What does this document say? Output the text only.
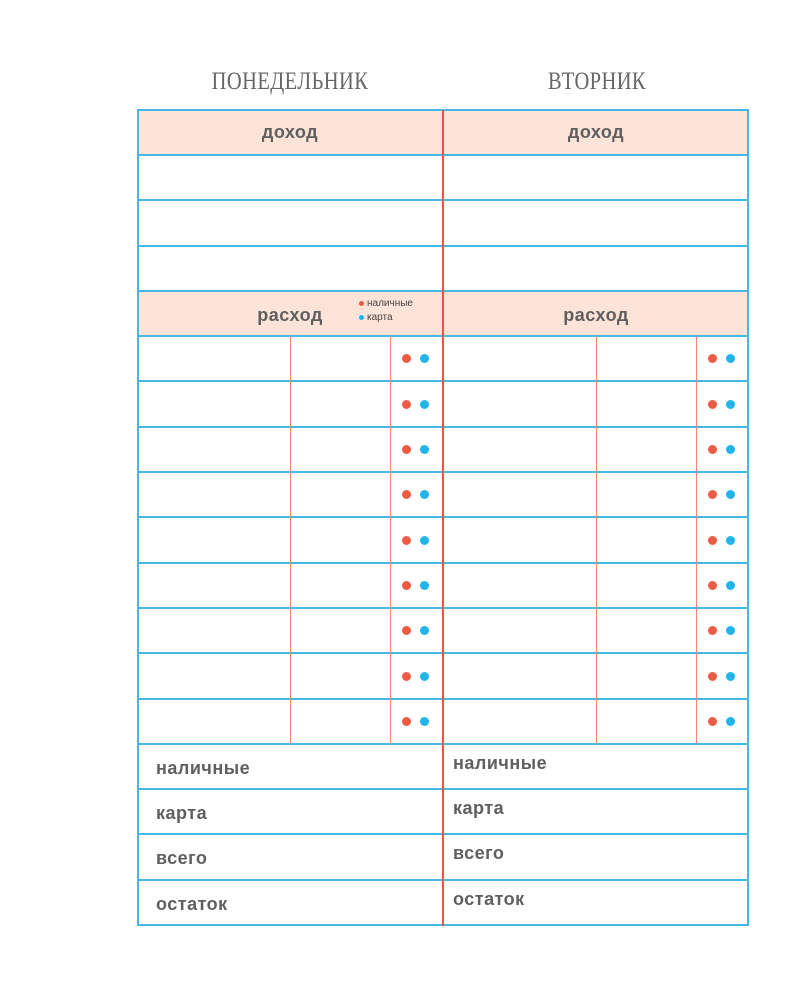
ПОНЕДЕЛЬНИК	ВТОРНИК
доход
расход
наличные
карта
наличные
карта
всего
остаток
доход
расход
наличные
карта
всего
остаток
